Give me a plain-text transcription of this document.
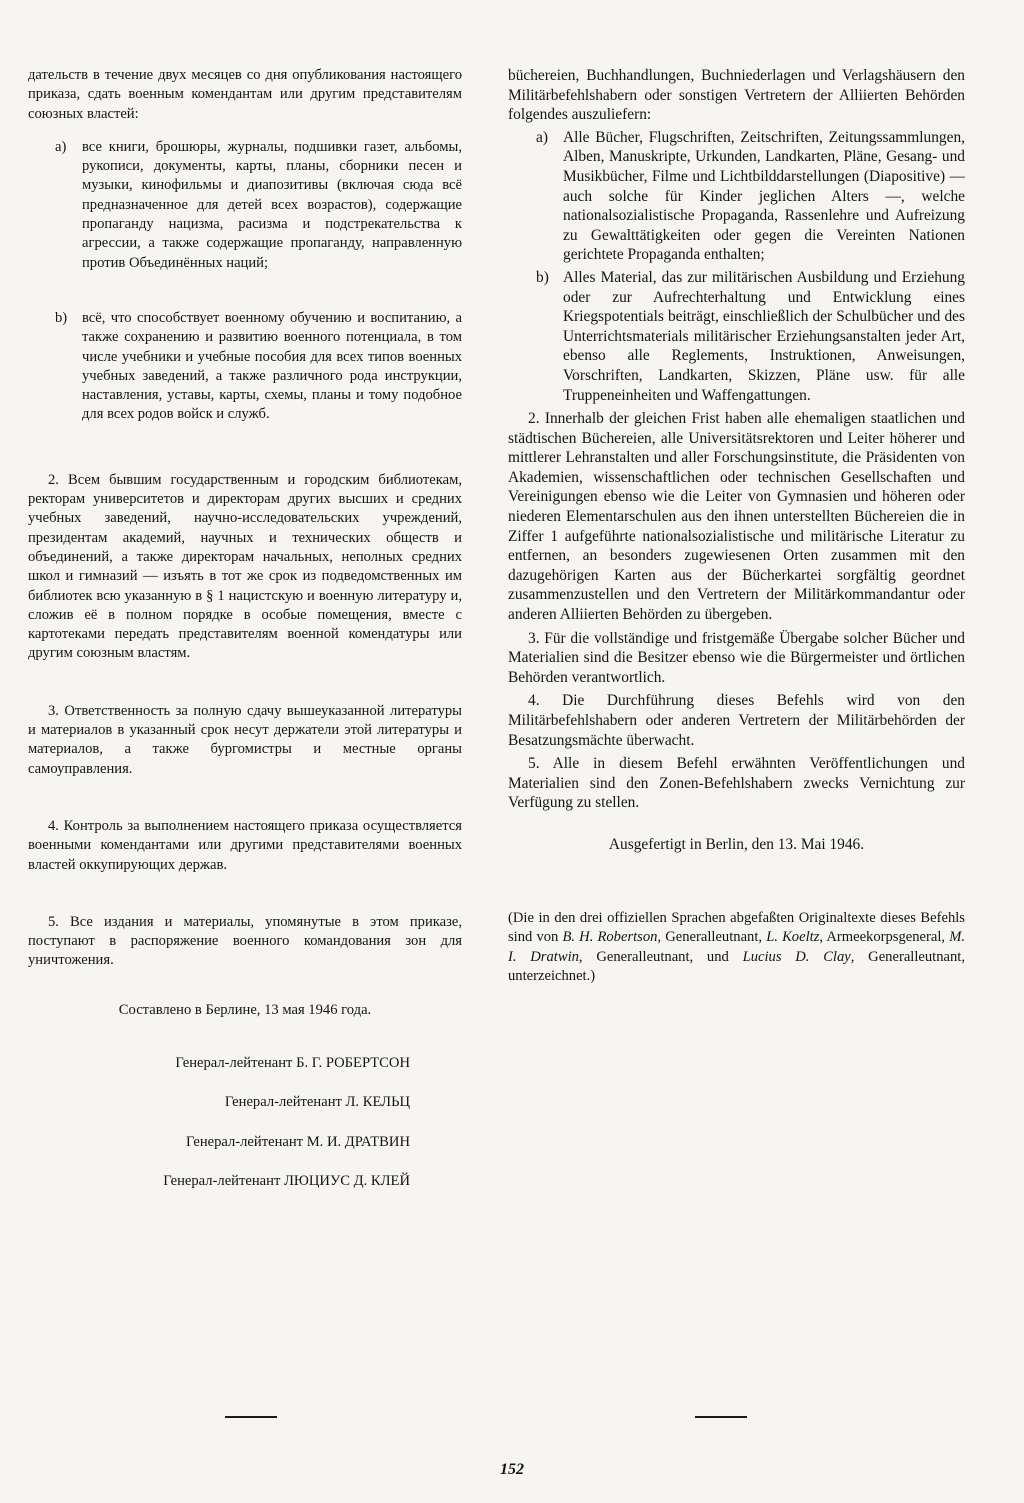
дательств в течение двух месяцев со дня опубликования настоящего приказа, сдать военным комендантам или другим представителям союзных властей:

a)	все книги, брошюры, журналы, подшивки газет, альбомы, рукописи, документы, карты, планы, сборники песен и музыки, кинофильмы и диапозитивы (включая сюда всё предназначенное для детей всех возрастов), содержащие пропаганду нацизма, расизма и подстрекательства к агрессии, а также содержащие пропаганду, направленную против Объединённых наций;
b)	всё, что способствует военному обучению и воспитанию, а также сохранению и развитию военного потенциала, в том числе учебники и учебные пособия для всех типов военных учебных заведений, а также различного рода инструкции, наставления, уставы, карты, схемы, планы и тому подобное для всех родов войск и служб.

2. Всем бывшим государственным и городским библиотекам, ректорам университетов и директорам других высших и средних учебных заведений, научно-исследовательских учреждений, президентам академий, научных и технических обществ и объединений, а также директорам начальных, неполных средних школ и гимназий — изъять в тот же срок из подведомственных им библиотек всю указанную в § 1 нацистскую и военную литературу и, сложив её в полном порядке в особые помещения, вместе с картотеками передать представителям военной комендатуры или другим союзным властям.

3. Ответственность за полную сдачу вышеуказанной литературы и материалов в указанный срок несут держатели этой литературы и материалов, а также бургомистры и местные органы самоуправления.

4. Контроль за выполнением настоящего приказа осуществляется военными комендантами или другими представителями военных властей оккупирующих держав.

5. Все издания и материалы, упомянутые в этом приказе, поступают в распоряжение военного командования зон для уничтожения.

Составлено в Берлине, 13 мая 1946 года.

Генерал-лейтенант Б. Г. РОБЕРТСОН

Генерал-лейтенант Л. КЕЛЬЦ

Генерал-лейтенант М. И. ДРАТВИН

Генерал-лейтенант ЛЮЦИУС Д. КЛЕЙ

büchereien, Buchhandlungen, Buchniederlagen und Verlagshäusern den Militärbefehlshabern oder sonstigen Vertretern der Alliierten Behörden folgendes auszuliefern:

a) Alle Bücher, Flugschriften, Zeitschriften, Zeitungssammlungen, Alben, Manuskripte, Urkunden, Landkarten, Pläne, Gesang- und Musikbücher, Filme und Lichtbilddarstellungen (Diapositive) — auch solche für Kinder jeglichen Alters —, welche nationalsozialistische Propaganda, Rassenlehre und Aufreizung zu Gewalttätigkeiten oder gegen die Vereinten Nationen gerichtete Propaganda enthalten;
b) Alles Material, das zur militärischen Ausbildung und Erziehung oder zur Aufrechterhaltung und Entwicklung eines Kriegspotentials beiträgt, einschließlich der Schulbücher und des Unterrichtsmaterials militärischer Erziehungsanstalten jeder Art, ebenso alle Reglements, Instruktionen, Anweisungen, Vorschriften, Landkarten, Skizzen, Pläne usw. für alle Truppeneinheiten und Waffengattungen.

2. Innerhalb der gleichen Frist haben alle ehemaligen staatlichen und städtischen Büchereien, alle Universitätsrektoren und Leiter höherer und mittlerer Lehranstalten und aller Forschungsinstitute, die Präsidenten von Akademien, wissenschaftlichen oder technischen Gesellschaften und Vereinigungen ebenso wie die Leiter von Gymnasien und höheren oder niederen Elementarschulen aus den ihnen unterstellten Büchereien die in Ziffer 1 aufgeführte nationalsozialistische und militärische Literatur zu entfernen, an besonders zugewiesenen Orten zusammen mit den dazugehörigen Karten aus der Bücherkartei sorgfältig geordnet zusammenzustellen und den Vertretern der Militärkommandantur oder anderen Alliierten Behörden zu übergeben.

3. Für die vollständige und fristgemäße Übergabe solcher Bücher und Materialien sind die Besitzer ebenso wie die Bürgermeister und örtlichen Behörden verantwortlich.

4. Die Durchführung dieses Befehls wird von den Militärbefehlshabern oder anderen Vertretern der Militärbehörden der Besatzungsmächte überwacht.

5. Alle in diesem Befehl erwähnten Veröffentlichungen und Materialien sind den Zonen-Befehlshabern zwecks Vernichtung zur Verfügung zu stellen.

Ausgefertigt in Berlin, den 13. Mai 1946.

(Die in den drei offiziellen Sprachen abgefaßten Originaltexte dieses Befehls sind von B. H. Robertson, Generalleutnant, L. Koeltz, Armeekorpsgeneral, M. I. Dratwin, Generalleutnant, und Lucius D. Clay, Generalleutnant, unterzeichnet.)

152
